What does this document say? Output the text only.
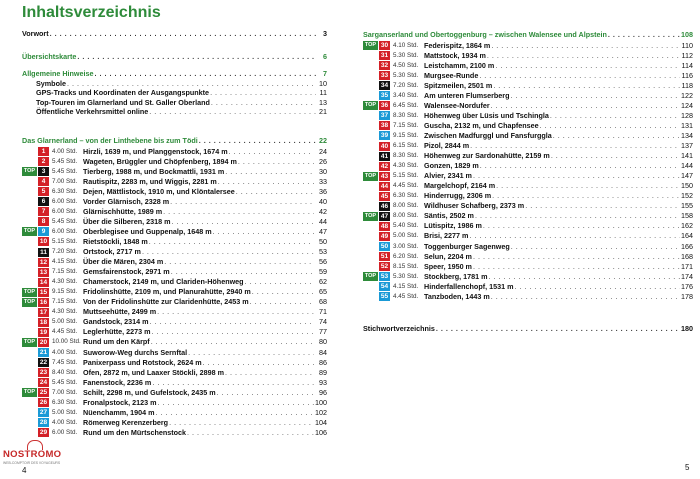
Inhaltsverzeichnis
Vorwort . . .	3
Übersichtskarte . . .	6
Allgemeine Hinweise . . .	7
Symbole . . .	10
GPS-Tracks und Koordinaten der Ausgangspunkte . . .	11
Top-Touren im Glarnerland und St. Galler Oberland . . .	13
Öffentliche Verkehrsmittel online . . .	21
Das Glarnerland – von der Linthebene bis zum Tödi . . .	22
1	4.00 Std. Hirzli, 1639 m, und Planggenstock, 1674 m . . .	24
2	5.45 Std. Wageten, Brüggler und Chöpfenberg, 1894 m . . .	26
TOP	3	5.45 Std. Tierberg, 1988 m, und Bockmattli, 1931 m . . .	30
4	7.00 Std. Rautispitz, 2283 m, und Wiggis, 2281 m . . .	33
5	6.30 Std. Dejen, Mättlistock, 1910 m, und Klöntalersee . . .	36
6	6.00 Std. Vorder Glärnisch, 2328 m . . .	40
7	6.00 Std. Glärnischhütte, 1989 m . . .	42
8	5.45 Std. Über die Silberen, 2318 m . . .	44
TOP	9	6.00 Std. Oberblegisee und Guppenalp, 1648 m . . .	47
10 5.15 Std. Rietstöckli, 1848 m . . .	50
11 7.20 Std. Ortstock, 2717 m . . .	53
12 4.15 Std. Über die Mären, 2304 m . . .	56
13 7.15 Std. Gemsfairenstock, 2971 m . . .	59
14 4.30 Std. Chamerstock, 2149 m, und Clariden-Höhenweg . . .	62
TOP 15 9.15 Std. Fridolinshütte, 2109 m, und Planurahütte, 2940 m . . .	65
TOP 16 7.15 Std. Von der Fridolinshütte zur Claridenhütte, 2453 m . . .	68
17 4.30 Std. Muttseehütte, 2499 m . . .	71
18 5.00 Std. Gandstock, 2314 m . . .	74
19 4.45 Std. Leglerhütte, 2273 m . . .	77
TOP 20 10.00 Std. Rund um den Kärpf . . .	80
21 4.00 Std. Suworow-Weg durchs Sernftal . . .	84
22 7.45 Std. Panixerpass und Rotstock, 2624 m . . .	86
23 8.40 Std. Ofen, 2872 m, und Laaxer Stöckli, 2898 m . . .	89
24 5.45 Std. Fanenstock, 2236 m . . .	93
TOP 25 7.00 Std. Schilt, 2298 m, und Gufelstock, 2435 m . . .	96
26 6.30 Std. Fronalpstock, 2123 m . . .	100
27 5.00 Std. Nüenchamm, 1904 m . . .	102
28 4.00 Std. Römerweg Kerenzerberg . . .	104
29 6.00 Std. Rund um den Mürtschenstock . . .	106
Sarganserland und Obertoggenburg – zwischen Walensee und Alpstein . . .	108
TOP 30 4.10 Std. Federispitz, 1864 m . . .	110
31 5.30 Std. Mattstock, 1934 m . . .	112
32 4.50 Std. Leistchamm, 2100 m . . .	114
33 5.30 Std. Murgsee-Runde . . .	116
34 7.20 Std. Spitzmeilen, 2501 m . . .	118
35 3.40 Std. Am unteren Flumserberg . . .	122
TOP 36 6.45 Std. Walensee-Nordufer . . .	124
37 8.30 Std. Höhenweg über Lüsis und Tschingla . . .	128
38 7.15 Std. Guscha, 2132 m, und Chapfensee . . .	131
39 9.15 Std. Zwischen Madfurggl und Fansfurggla . . .	134
40 6.15 Std. Pizol, 2844 m . . .	137
41 8.30 Std. Höhenweg zur Sardonahütte, 2159 m . . .	141
42 4.30 Std. Gonzen, 1829 m . . .	144
TOP 43 5.15 Std. Alvier, 2341 m . . .	147
44 4.45 Std. Margelchopf, 2164 m . . .	150
45 6.30 Std. Hinderrugg, 2306 m . . .	152
46 8.00 Std. Wildhuser Schafberg, 2373 m . . .	155
TOP 47 8.00 Std. Säntis, 2502 m . . .	158
48 5.40 Std. Lütispitz, 1986 m . . .	162
49 5.00 Std. Brisi, 2277 m . . .	164
50 3.00 Std. Toggenburger Sagenweg . . .	166
51 6.20 Std. Selun, 2204 m . . .	168
52 8.15 Std. Speer, 1950 m . . .	171
TOP 53 5.30 Std. Stockberg, 1781 m . . .	174
54 4.15 Std. Hinderfallenchopf, 1531 m . . .	176
55 4.45 Std. Tanzboden, 1443 m . . .	178
Stichwortverzeichnis . . .	180
NOSTROMO
WEB-COMPTOIR DES VOYAGEURS
4	5
